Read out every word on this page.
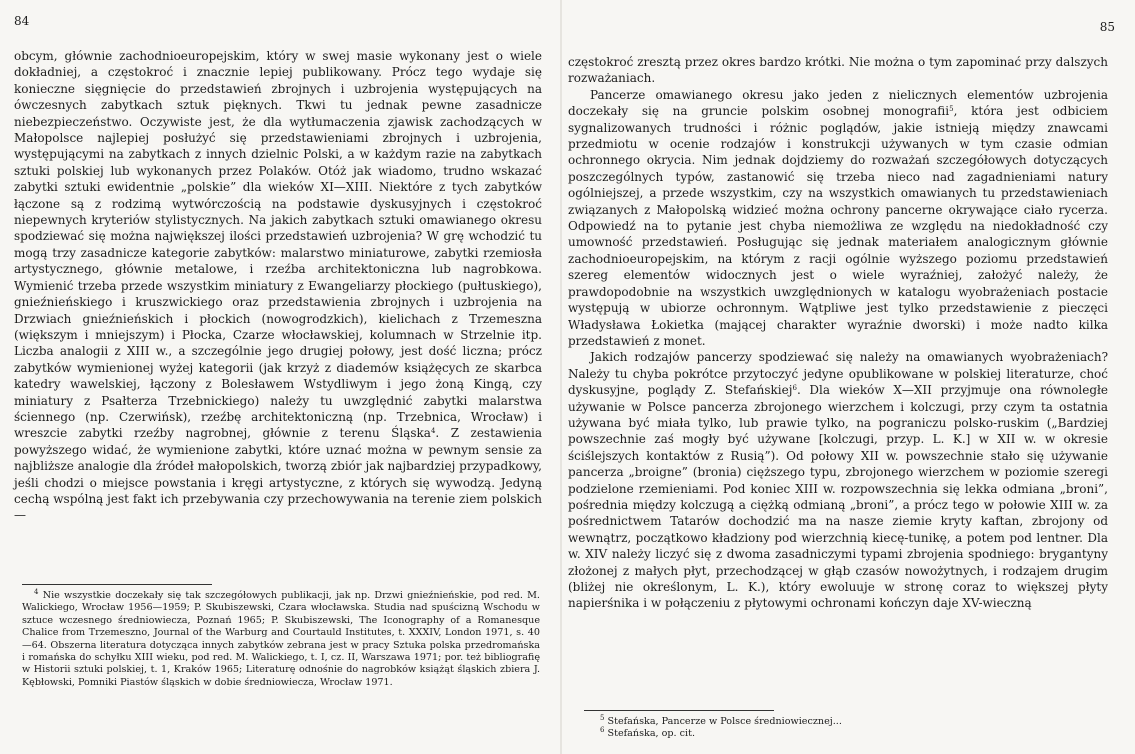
84

obcym, głównie zachodnioeuropejskim, który w swej masie wykonany jest o wiele dokładniej, a częstokroć i znacznie lepiej publikowany. Prócz tego wydaje się konieczne sięgnięcie do przedstawień zbrojnych i uzbrojenia występujących na ówczesnych zabytkach sztuk pięknych. Tkwi tu jednak pewne zasadnicze niebezpieczeństwo. Oczywiste jest, że dla wytłumaczenia zjawisk zachodzących w Małopolsce najlepiej posłużyć się przedstawieniami zbrojnych i uzbrojenia, występującymi na zabytkach z innych dzielnic Polski, a w każdym razie na zabytkach sztuki polskiej lub wykonanych przez Polaków. Otóż jak wiadomo, trudno wskazać zabytki sztuki ewidentnie „polskie” dla wieków XI—XIII. Niektóre z tych zabytków łączone są z rodzimą wytwórczością na podstawie dyskusyjnych i częstokroć niepewnych kryteriów stylistycznych. Na jakich zabytkach sztuki omawianego okresu spodziewać się można największej ilości przedstawień uzbrojenia? W grę wchodzić tu mogą trzy zasadnicze kategorie zabytków: malarstwo miniaturowe, zabytki rzemiosła artystycznego, głównie metalowe, i rzeźba architektoniczna lub nagrobkowa. Wymienić trzeba przede wszystkim miniatury z Ewangeliarzy płockiego (pułtuskiego), gnieźnieńskiego i kruszwickiego oraz przedstawienia zbrojnych i uzbrojenia na Drzwiach gnieźnieńskich i płockich (nowogrodzkich), kielichach z Trzemeszna (większym i mniejszym) i Płocka, Czarze włocławskiej, kolumnach w Strzelnie itp. Liczba analogii z XIII w., a szczególnie jego drugiej połowy, jest dość liczna; prócz zabytków wymienionej wyżej kategorii (jak krzyż z diademów książęcych ze skarbca katedry wawelskiej, łączony z Bolesławem Wstydliwym i jego żoną Kingą, czy miniatury z Psałterza Trzebnickiego) należy tu uwzględnić zabytki malarstwa ściennego (np. Czerwińsk), rzeźbę architektoniczną (np. Trzebnica, Wrocław) i wreszcie zabytki rzeźby nagrobnej, głównie z terenu Śląska$^4$. Z zestawienia powyższego widać, że wymienione zabytki, które uznać można w pewnym sensie za najbliższe analogie dla źródeł małopolskich, tworzą zbiór jak najbardziej przypadkowy, jeśli chodzi o miejsce powstania i kręgi artystyczne, z których się wywodzą. Jedyną cechą wspólną jest fakt ich przebywania czy przechowywania na terenie ziem polskich —

$^4$ Nie wszystkie doczekały się tak szczegółowych publikacji, jak np. Drzwi gnieźnieńskie, pod red. M. Walickiego, Wrocław 1956—1959; P. Skubiszewski, Czara włocławska. Studia nad spuścizną Wschodu w sztuce wczesnego średniowiecza, Poznań 1965; P. Skubiszewski, The Iconography of a Romanesque Chalice from Trzemeszno, Journal of the Warburg and Courtauld Institutes, t. XXXIV, London 1971, s. 40—64. Obszerna literatura dotycząca innych zabytków zebrana jest w pracy Sztuka polska przedromańska i romańska do schyłku XIII wieku, pod red. M. Walickiego, t. I, cz. II, Warszawa 1971; por. też bibliografię w Historii sztuki polskiej, t. 1, Kraków 1965; Literaturę odnośnie do nagrobków książąt śląskich zbiera J. Kębłowski, Pomniki Piastów śląskich w dobie średniowiecza, Wrocław 1971.

85

częstokroć zresztą przez okres bardzo krótki. Nie można o tym zapominać przy dalszych rozważaniach.

Pancerze omawianego okresu jako jeden z nielicznych elementów uzbrojenia doczekały się na gruncie polskim osobnej monografii$^5$, która jest odbiciem sygnalizowanych trudności i różnic poglądów, jakie istnieją między znawcami przedmiotu w ocenie rodzajów i konstrukcji używanych w tym czasie odmian ochronnego okrycia. Nim jednak dojdziemy do rozważań szczegółowych dotyczących poszczególnych typów, zastanowić się trzeba nieco nad zagadnieniami natury ogólniejszej, a przede wszystkim, czy na wszystkich omawianych tu przedstawieniach związanych z Małopolską widzieć można ochrony pancerne okrywające ciało rycerza. Odpowiedź na to pytanie jest chyba niemożliwa ze względu na niedokładność czy umowność przedstawień. Posługując się jednak materiałem analogicznym głównie zachodnioeuropejskim, na którym z racji ogólnie wyższego poziomu przedstawień szereg elementów widocznych jest o wiele wyraźniej, założyć należy, że prawdopodobnie na wszystkich uwzględnionych w katalogu wyobrażeniach postacie występują w ubiorze ochronnym. Wątpliwe jest tylko przedstawienie z pieczęci Władysława Łokietka (mającej charakter wyraźnie dworski) i może nadto kilka przedstawień z monet.

Jakich rodzajów pancerzy spodziewać się należy na omawianych wyobrażeniach? Należy tu chyba pokrótce przytoczyć jedyne opublikowane w polskiej literaturze, choć dyskusyjne, poglądy Z. Stefańskiej$^6$. Dla wieków X—XII przyjmuje ona równoległe używanie w Polsce pancerza zbrojonego wierzchem i kolczugi, przy czym ta ostatnia używana być miała tylko, lub prawie tylko, na pograniczu polsko-ruskim („Bardziej powszechnie zaś mogły być używane [kolczugi, przyp. L. K.] w XII w. w okresie ściślejszych kontaktów z Rusią”). Od połowy XII w. powszechnie stało się używanie pancerza „broigne” (bronia) cięższego typu, zbrojonego wierzchem w poziomie szeregi podzielone rzemieniami. Pod koniec XIII w. rozpowszechnia się lekka odmiana „broni”, pośrednia między kolczugą a ciężką odmianą „broni”, a prócz tego w połowie XIII w. za pośrednictwem Tatarów dochodzić ma na nasze ziemie kryty kaftan, zbrojony od wewnątrz, początkowo kładziony pod wierzchnią kiecę-tunikę, a potem pod lentner. Dla w. XIV należy liczyć się z dwoma zasadniczymi typami zbrojenia spodniego: brygantyny złożonej z małych płyt, przechodzącej w głąb czasów nowożytnych, i rodzajem drugim (bliżej nie określonym, L. K.), który ewoluuje w stronę coraz to większej płyty napierśnika i w połączeniu z płytowymi ochronami kończyn daje XV-wieczną

$^5$ Stefańska, Pancerze w Polsce średniowiecznej...

$^6$ Stefańska, op. cit.
